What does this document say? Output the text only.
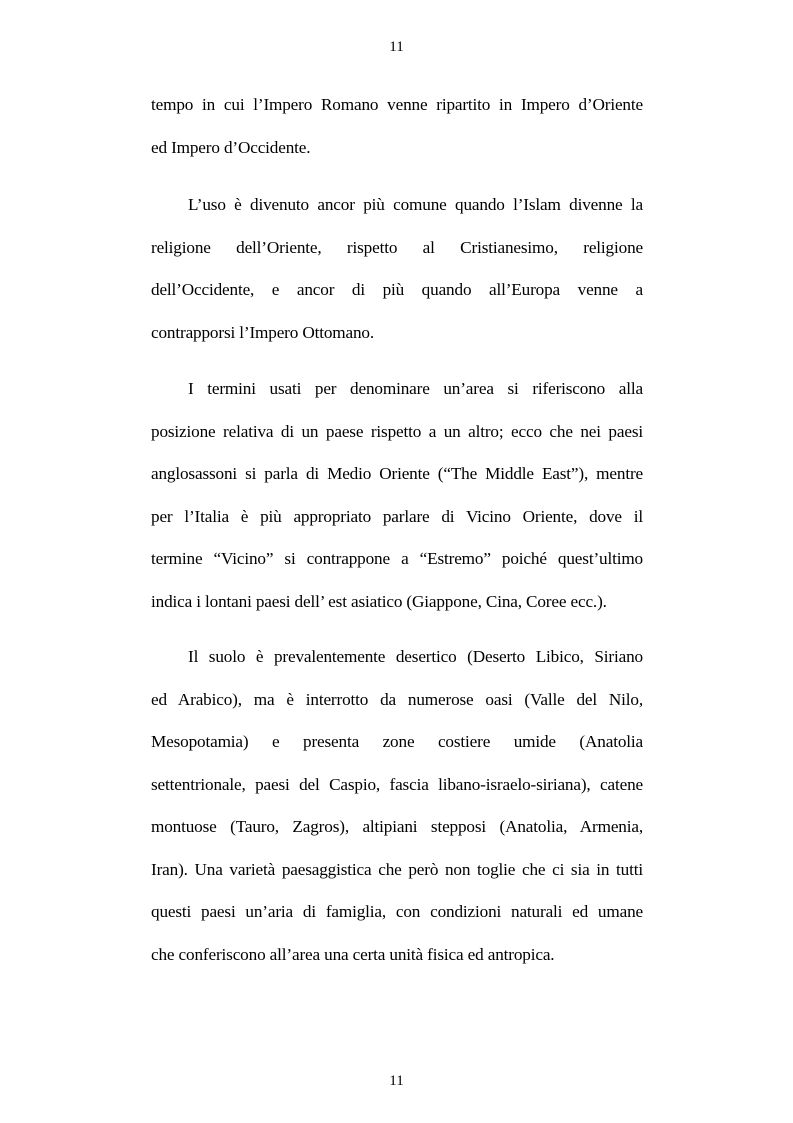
11
tempo in cui l’Impero Romano venne ripartito in Impero d’Oriente
ed Impero d’Occidente.
L’uso è divenuto ancor più comune quando l’Islam divenne la
religione dell’Oriente, rispetto al Cristianesimo, religione
dell’Occidente, e ancor di più quando all’Europa venne a
contrapporsi l’Impero Ottomano.
I termini usati per denominare un’area si riferiscono alla
posizione relativa di un paese rispetto a un altro; ecco che nei paesi
anglosassoni si parla di Medio Oriente (“The Middle East”), mentre
per l’Italia è più appropriato parlare di Vicino Oriente, dove il
termine “Vicino” si contrappone a “Estremo” poiché quest’ultimo
indica i lontani paesi dell’ est asiatico (Giappone, Cina, Coree ecc.).
Il suolo è prevalentemente desertico (Deserto Libico, Siriano
ed Arabico), ma è interrotto da numerose oasi (Valle del Nilo,
Mesopotamia) e presenta zone costiere umide (Anatolia
settentrionale, paesi del Caspio, fascia libano-israelo-siriana), catene
montuose (Tauro, Zagros), altipiani stepposi (Anatolia, Armenia,
Iran). Una varietà paesaggistica che però non toglie che ci sia in tutti
questi paesi un’aria di famiglia, con condizioni naturali ed umane
che conferiscono all’area una certa unità fisica ed antropica.
11
